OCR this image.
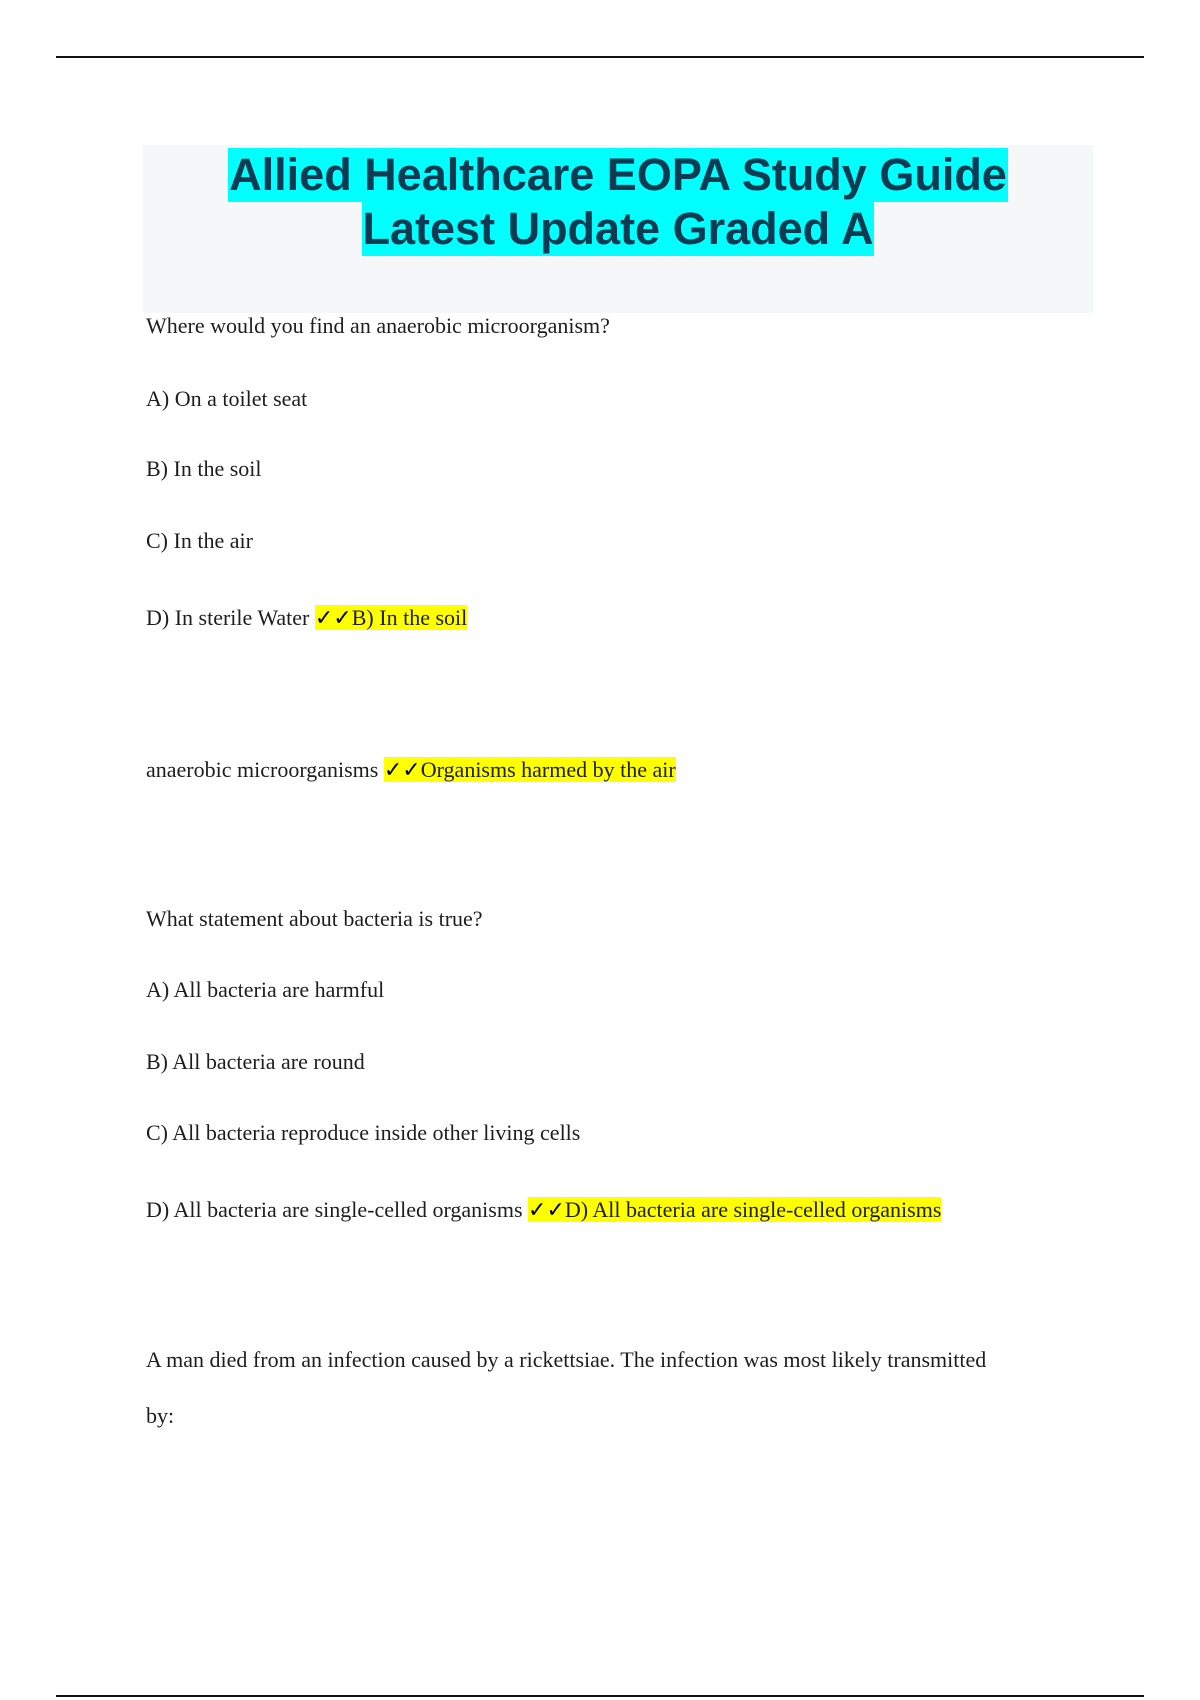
Allied Healthcare EOPA Study Guide
Latest Update Graded A
Where would you find an anaerobic microorganism?
A) On a toilet seat
B) In the soil
C) In the air
D) In sterile Water ✓✓B) In the soil
anaerobic microorganisms ✓✓Organisms harmed by the air
What statement about bacteria is true?
A) All bacteria are harmful
B) All bacteria are round
C) All bacteria reproduce inside other living cells
D) All bacteria are single-celled organisms ✓✓D) All bacteria are single-celled organisms
A man died from an infection caused by a rickettsiae. The infection was most likely transmitted
by:
